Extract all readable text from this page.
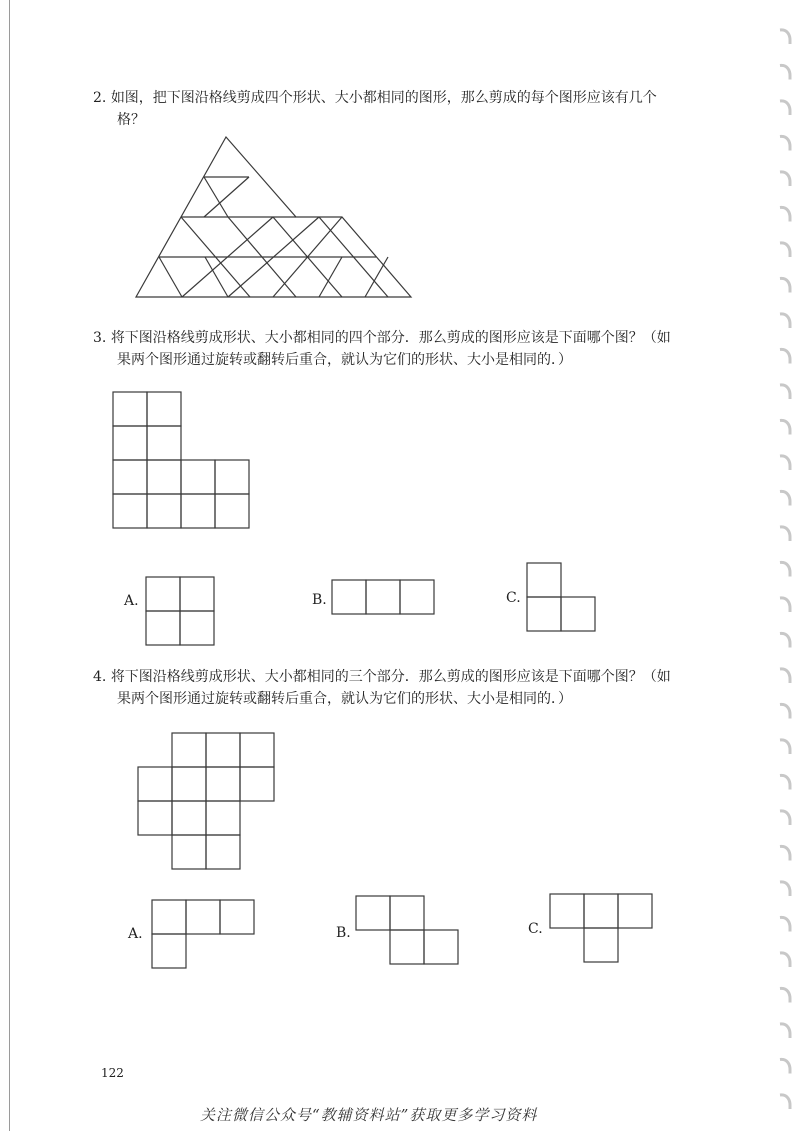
2. 如图，把下图沿格线剪成四个形状、大小都相同的图形，那么剪成的每个图形应该有几个
格？
3. 将下图沿格线剪成形状、大小都相同的四个部分．那么剪成的图形应该是下面哪个图？（如
果两个图形通过旋转或翻转后重合，就认为它们的形状、大小是相同的．）
A.	B.	C.
4. 将下图沿格线剪成形状、大小都相同的三个部分．那么剪成的图形应该是下面哪个图？（如
果两个图形通过旋转或翻转后重合，就认为它们的形状、大小是相同的．）
A.	B.	C.
122
关注微信公众号“教辅资料站”获取更多学习资料
